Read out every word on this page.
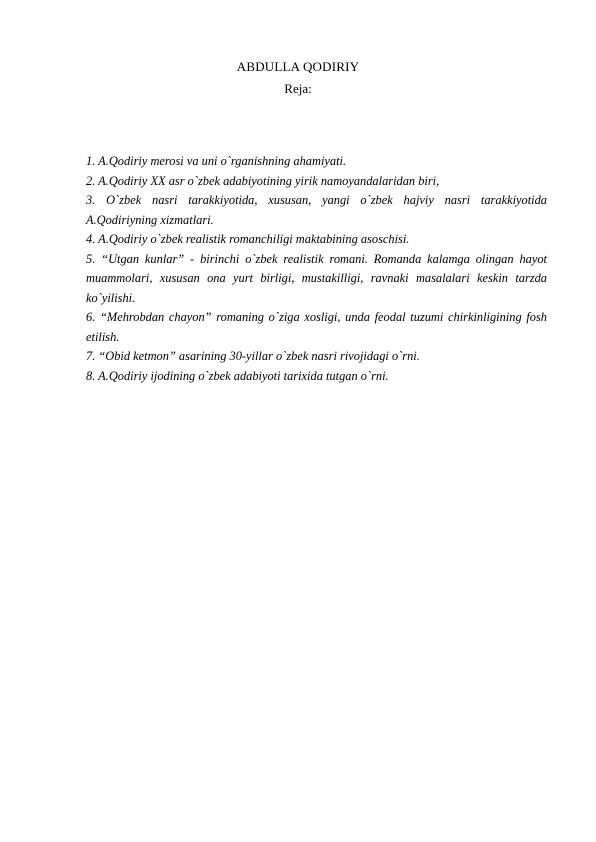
ABDULLA QODIRIY
Reja:
1. A.Qodiriy merosi va uni o`rganishning ahamiyati.
2. A.Qodiriy XX asr o`zbek adabiyotining yirik namoyandalaridan biri,
3. O`zbek nasri tarakkiyotida, xususan, yangi o`zbek hajviy nasri tarakkiyotida A.Qodiriyning xizmatlari.
4. A.Qodiriy o`zbek realistik romanchiligi maktabining asoschisi.
5. “Utgan kunlar” - birinchi o`zbek realistik romani. Romanda kalamga olingan hayot muammolari, xususan ona yurt birligi, mustakilligi, ravnaki masalalari keskin tarzda ko`yilishi.
6. “Mehrobdan chayon” romaning o`ziga xosligi, unda feodal tuzumi chirkinligining fosh etilish.
7. “Obid ketmon” asarining 30-yillar o`zbek nasri rivojidagi o`rni.
8. A.Qodiriy ijodining o`zbek adabiyoti tarixida tutgan o`rni.
